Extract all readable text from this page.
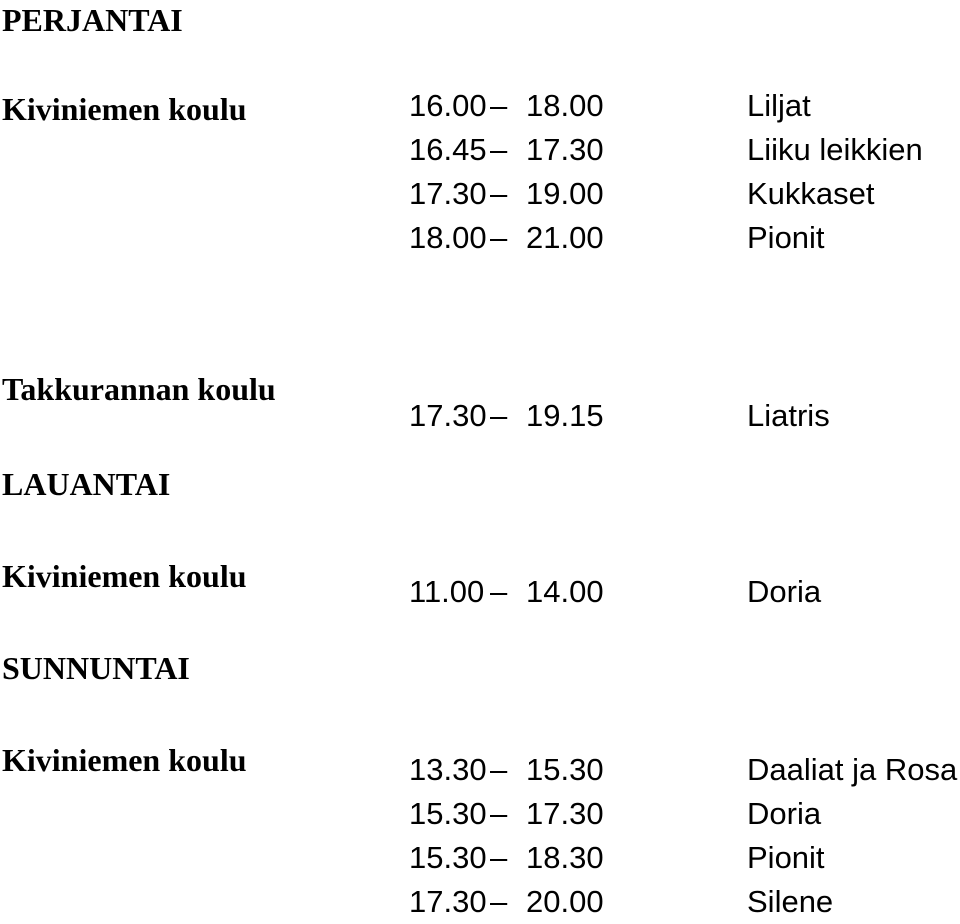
PERJANTAI
Kiviniemen koulu	16.00 – 18.00	Liljat
16.45 – 17.30	Liiku leikkien
17.30 – 19.00	Kukkaset
18.00 – 21.00	Pionit
Takkurannan koulu
17.30 – 19.15	Liatris
LAUANTAI
Kiviniemen koulu	11.00 – 14.00	Doria
SUNNUNTAI
Kiviniemen koulu	13.30 – 15.30	Daaliat ja Rosa
15.30 – 17.30	Doria
15.30 – 18.30	Pionit
17.30 – 20.00	Silene
